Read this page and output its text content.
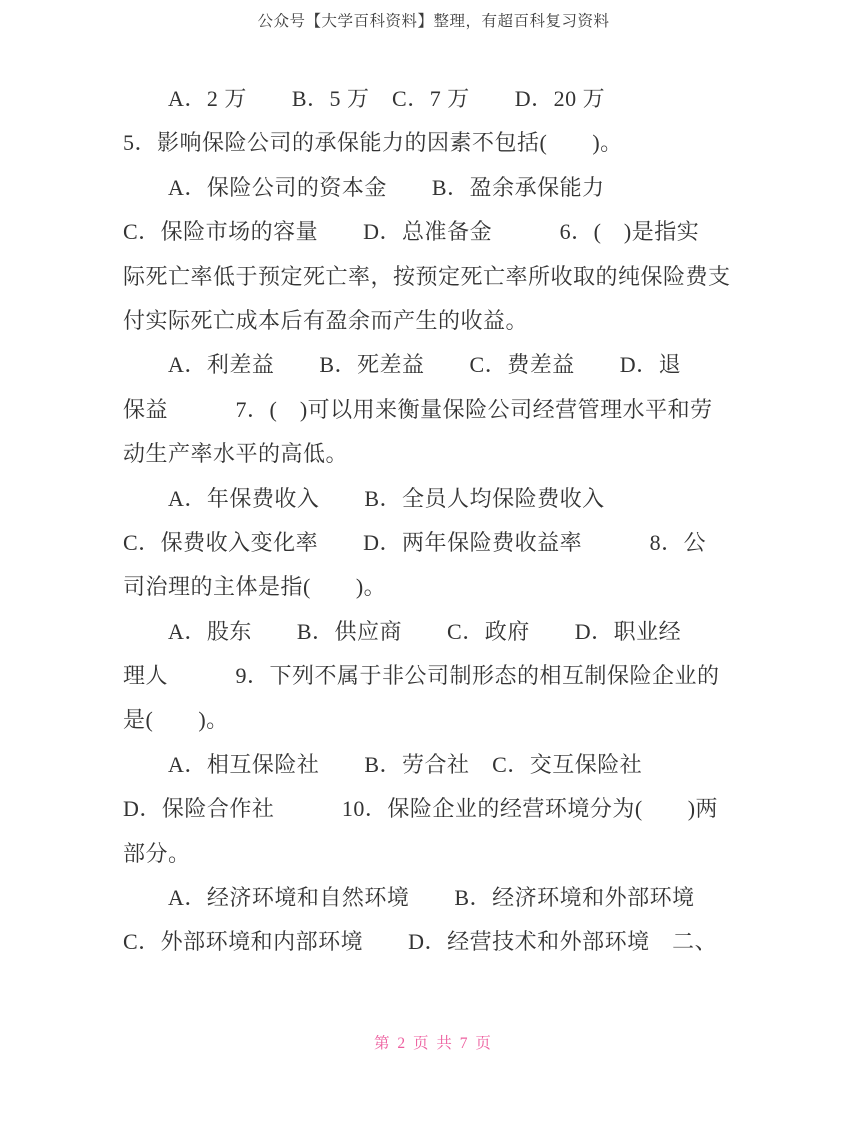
公众号【大学百科资料】整理，有超百科复习资料
A．2 万　　B．5 万　C．7 万　　D．20 万
5．影响保险公司的承保能力的因素不包括(　　)。
A．保险公司的资本金　　B．盈余承保能力
C．保险市场的容量　　D．总准备金　　　6．(　)是指实
际死亡率低于预定死亡率，按预定死亡率所收取的纯保险费支
付实际死亡成本后有盈余而产生的收益。
A．利差益　　B．死差益　　C．费差益　　D．退
保益　　　7．(　)可以用来衡量保险公司经营管理水平和劳
动生产率水平的高低。
A．年保费收入　　B．全员人均保险费收入
C．保费收入变化率　　D．两年保险费收益率　　　8．公
司治理的主体是指(　　)。
A．股东　　B．供应商　　C．政府　　D．职业经
理人　　　9．下列不属于非公司制形态的相互制保险企业的
是(　　)。
A．相互保险社　　B．劳合社　C．交互保险社
D．保险合作社　　　10．保险企业的经营环境分为(　　)两
部分。
A．经济环境和自然环境　　B．经济环境和外部环境
C．外部环境和内部环境　　D．经营技术和外部环境　二、
第 2 页 共 7 页
